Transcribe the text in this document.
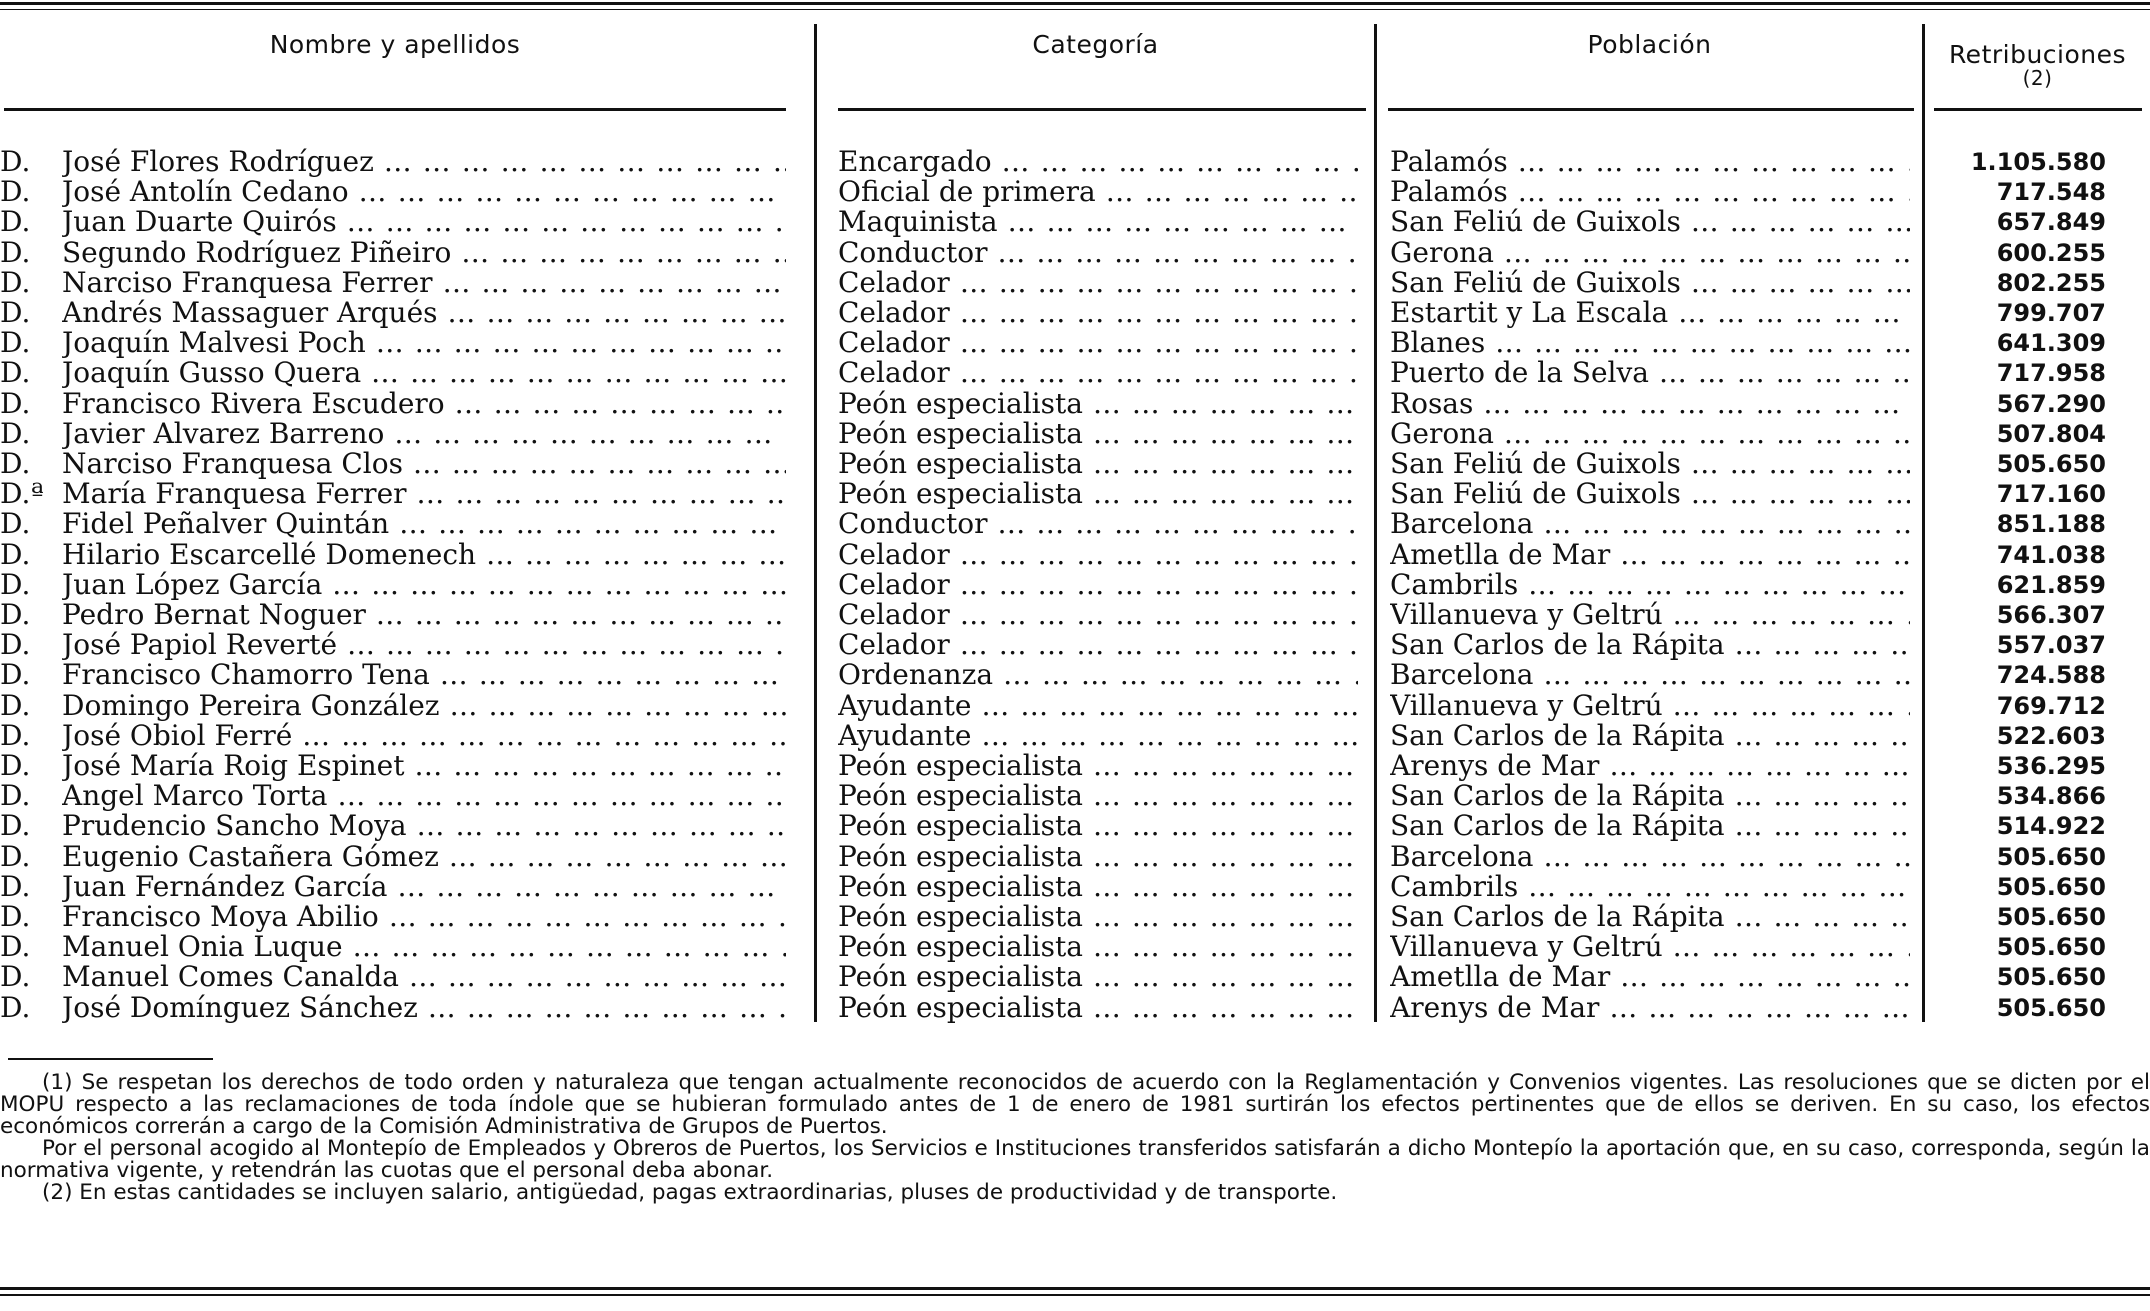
Nombre y apellidos	Categoría	Población	Retribuciones
(2)
D.	José Flores Rodríguez … … … … … … … … … … … … … … … … … … … … … … … … …	Encargado … … … … … … … … … … … … … … … … … … … … … … … … …	Palamós … … … … … … … … … … … … … … … … … … … … … … … … …	1.105.580
D.	José Antolín Cedano … … … … … … … … … … … … … … … … … … … … … … … … …	Oficial de primera … … … … … … … … … … … … … … … … … … … … … … … … …	Palamós … … … … … … … … … … … … … … … … … … … … … … … … …	717.548
D.	Juan Duarte Quirós … … … … … … … … … … … … … … … … … … … … … … … … …	Maquinista … … … … … … … … … … … … … … … … … … … … … … … … …	San Feliú de Guixols … … … … … … … … … … … … … … … … … … … … … … … … …	657.849
D.	Segundo Rodríguez Piñeiro … … … … … … … … … … … … … … … … … … … … … … … … …	Conductor … … … … … … … … … … … … … … … … … … … … … … … … …	Gerona … … … … … … … … … … … … … … … … … … … … … … … … …	600.255
D.	Narciso Franquesa Ferrer … … … … … … … … … … … … … … … … … … … … … … … … …	Celador … … … … … … … … … … … … … … … … … … … … … … … … …	San Feliú de Guixols … … … … … … … … … … … … … … … … … … … … … … … … …	802.255
D.	Andrés Massaguer Arqués … … … … … … … … … … … … … … … … … … … … … … … … …	Celador … … … … … … … … … … … … … … … … … … … … … … … … …	Estartit y La Escala … … … … … … … … … … … … … … … … … … … … … … … … …	799.707
D.	Joaquín Malvesi Poch … … … … … … … … … … … … … … … … … … … … … … … … …	Celador … … … … … … … … … … … … … … … … … … … … … … … … …	Blanes … … … … … … … … … … … … … … … … … … … … … … … … …	641.309
D.	Joaquín Gusso Quera … … … … … … … … … … … … … … … … … … … … … … … … …	Celador … … … … … … … … … … … … … … … … … … … … … … … … …	Puerto de la Selva … … … … … … … … … … … … … … … … … … … … … … … … …	717.958
D.	Francisco Rivera Escudero … … … … … … … … … … … … … … … … … … … … … … … … …	Peón especialista … … … … … … … … … … … … … … … … … … … … … … … … …	Rosas … … … … … … … … … … … … … … … … … … … … … … … … …	567.290
D.	Javier Alvarez Barreno … … … … … … … … … … … … … … … … … … … … … … … … …	Peón especialista … … … … … … … … … … … … … … … … … … … … … … … … …	Gerona … … … … … … … … … … … … … … … … … … … … … … … … …	507.804
D.	Narciso Franquesa Clos … … … … … … … … … … … … … … … … … … … … … … … … …	Peón especialista … … … … … … … … … … … … … … … … … … … … … … … … …	San Feliú de Guixols … … … … … … … … … … … … … … … … … … … … … … … … …	505.650
D.ª María Franquesa Ferrer … … … … … … … … … … … … … … … … … … … … … … … … …	Peón especialista … … … … … … … … … … … … … … … … … … … … … … … … …	San Feliú de Guixols … … … … … … … … … … … … … … … … … … … … … … … … …	717.160
D.	Fidel Peñalver Quintán … … … … … … … … … … … … … … … … … … … … … … … … …	Conductor … … … … … … … … … … … … … … … … … … … … … … … … …	Barcelona … … … … … … … … … … … … … … … … … … … … … … … … …	851.188
D.	Hilario Escarcellé Domenech … … … … … … … … … … … … … … … … … … … … … … … … …	Celador … … … … … … … … … … … … … … … … … … … … … … … … …	Ametlla de Mar … … … … … … … … … … … … … … … … … … … … … … … … …	741.038
D.	Juan López García … … … … … … … … … … … … … … … … … … … … … … … … …	Celador … … … … … … … … … … … … … … … … … … … … … … … … …	Cambrils … … … … … … … … … … … … … … … … … … … … … … … … …	621.859
D.	Pedro Bernat Noguer … … … … … … … … … … … … … … … … … … … … … … … … …	Celador … … … … … … … … … … … … … … … … … … … … … … … … …	Villanueva y Geltrú … … … … … … … … … … … … … … … … … … … … … … … … …	566.307
D.	José Papiol Reverté … … … … … … … … … … … … … … … … … … … … … … … … …	Celador … … … … … … … … … … … … … … … … … … … … … … … … …	San Carlos de la Rápita … … … … … … … … … … … … … … … … … … … … … … … … …	557.037
D.	Francisco Chamorro Tena … … … … … … … … … … … … … … … … … … … … … … … … …	Ordenanza … … … … … … … … … … … … … … … … … … … … … … … … …	Barcelona … … … … … … … … … … … … … … … … … … … … … … … … …	724.588
D.	Domingo Pereira González … … … … … … … … … … … … … … … … … … … … … … … … …	Ayudante … … … … … … … … … … … … … … … … … … … … … … … … …	Villanueva y Geltrú … … … … … … … … … … … … … … … … … … … … … … … … …	769.712
D.	José Obiol Ferré … … … … … … … … … … … … … … … … … … … … … … … … …	Ayudante … … … … … … … … … … … … … … … … … … … … … … … … …	San Carlos de la Rápita … … … … … … … … … … … … … … … … … … … … … … … … …	522.603
D.	José María Roig Espinet … … … … … … … … … … … … … … … … … … … … … … … … …	Peón especialista … … … … … … … … … … … … … … … … … … … … … … … … …	Arenys de Mar … … … … … … … … … … … … … … … … … … … … … … … … …	536.295
D.	Angel Marco Torta … … … … … … … … … … … … … … … … … … … … … … … … …	Peón especialista … … … … … … … … … … … … … … … … … … … … … … … … …	San Carlos de la Rápita … … … … … … … … … … … … … … … … … … … … … … … … …	534.866
D.	Prudencio Sancho Moya … … … … … … … … … … … … … … … … … … … … … … … … …	Peón especialista … … … … … … … … … … … … … … … … … … … … … … … … …	San Carlos de la Rápita … … … … … … … … … … … … … … … … … … … … … … … … …	514.922
D.	Eugenio Castañera Gómez … … … … … … … … … … … … … … … … … … … … … … … … …	Peón especialista … … … … … … … … … … … … … … … … … … … … … … … … …	Barcelona … … … … … … … … … … … … … … … … … … … … … … … … …	505.650
D.	Juan Fernández García … … … … … … … … … … … … … … … … … … … … … … … … …	Peón especialista … … … … … … … … … … … … … … … … … … … … … … … … …	Cambrils … … … … … … … … … … … … … … … … … … … … … … … … …	505.650
D.	Francisco Moya Abilio … … … … … … … … … … … … … … … … … … … … … … … … …	Peón especialista … … … … … … … … … … … … … … … … … … … … … … … … …	San Carlos de la Rápita … … … … … … … … … … … … … … … … … … … … … … … … …	505.650
D.	Manuel Onia Luque … … … … … … … … … … … … … … … … … … … … … … … … …	Peón especialista … … … … … … … … … … … … … … … … … … … … … … … … …	Villanueva y Geltrú … … … … … … … … … … … … … … … … … … … … … … … … …	505.650
D.	Manuel Comes Canalda … … … … … … … … … … … … … … … … … … … … … … … … …	Peón especialista … … … … … … … … … … … … … … … … … … … … … … … … …	Ametlla de Mar … … … … … … … … … … … … … … … … … … … … … … … … …	505.650
D.	José Domínguez Sánchez … … … … … … … … … … … … … … … … … … … … … … … … …	Peón especialista … … … … … … … … … … … … … … … … … … … … … … … … …	Arenys de Mar … … … … … … … … … … … … … … … … … … … … … … … … …	505.650

(1) Se respetan los derechos de todo orden y naturaleza que tengan actualmente reconocidos de acuerdo con la Reglamentación y Convenios vigentes. Las resoluciones que se dicten por el MOPU respecto a las reclamaciones de toda índole que se hubieran formulado antes de 1 de enero de 1981 surtirán los efectos pertinentes que de ellos se deriven. En su caso, los efectos económicos correrán a cargo de la Comisión Administrativa de Grupos de Puertos.

Por el personal acogido al Montepío de Empleados y Obreros de Puertos, los Servicios e Instituciones transferidos satisfarán a dicho Montepío la aportación que, en su caso, corresponda, según la normativa vigente, y retendrán las cuotas que el personal deba abonar.

(2) En estas cantidades se incluyen salario, antigüedad, pagas extraordinarias, pluses de productividad y de transporte.
